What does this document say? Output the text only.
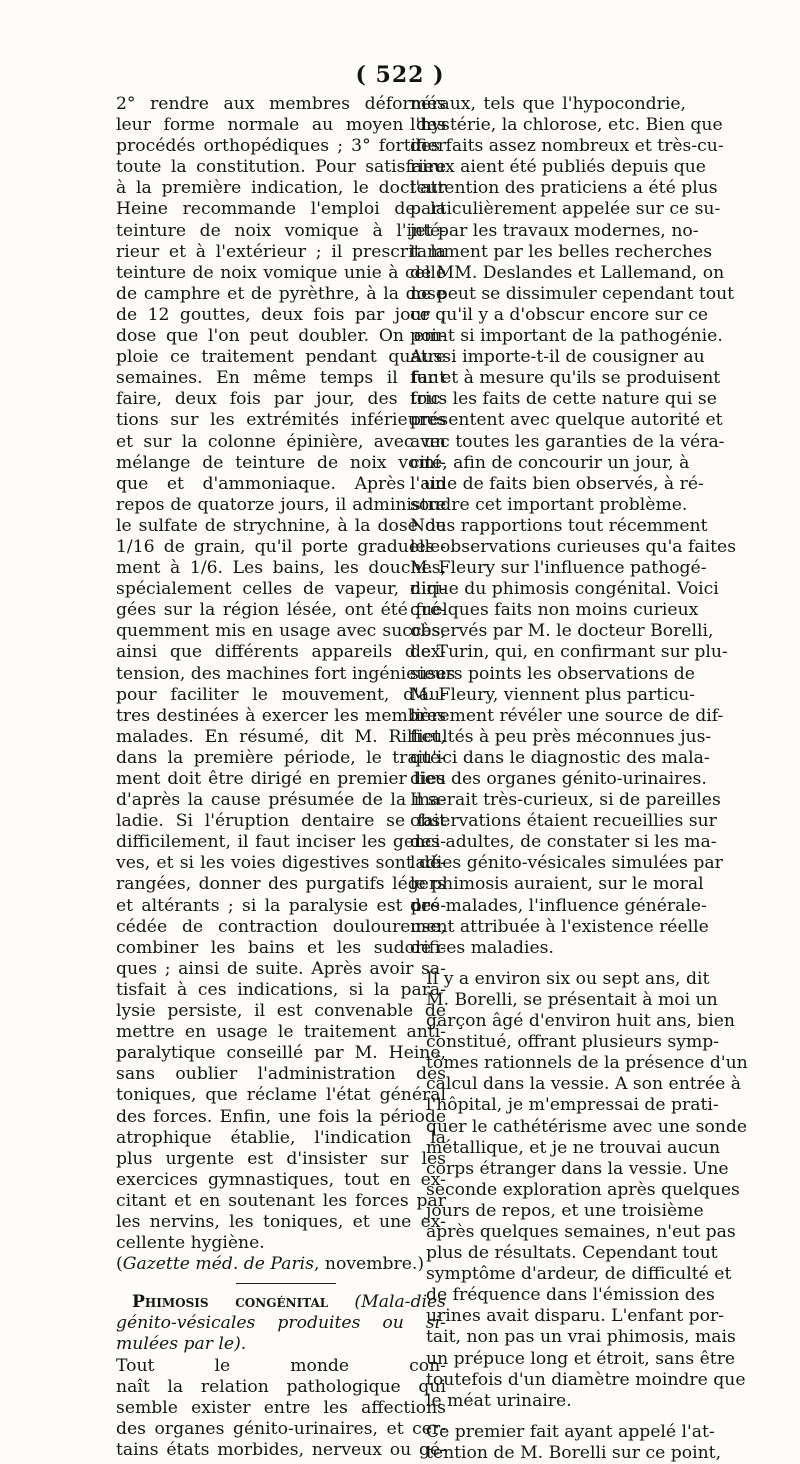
( 522 )

2° rendre aux membres déformés
leur forme normale au moyen des
procédés orthopédiques ; 3° fortifier
toute la constitution. Pour satisfaire
à la première indication, le docteur
Heine recommande l'emploi de la
teinture de noix vomique à l'inté-
rieur et à l'extérieur ; il prescrit la
teinture de noix vomique unie à celle
de camphre et de pyrèthre, à la dose
de 12 gouttes, deux fois par jour ;
dose que l'on peut doubler. On em-
ploie ce traitement pendant quatre
semaines. En même temps il faut
faire, deux fois par jour, des fric-
tions sur les extrémités inférieures
et sur la colonne épinière, avec un
mélange de teinture de noix vomi-
que et d'ammoniaque. Après un
repos de quatorze jours, il administre
le sulfate de strychnine, à la dose de
1/16 de grain, qu'il porte graduelle-
ment à 1/6. Les bains, les douches,
spécialement celles de vapeur, diri-
gées sur la région lésée, ont été fré-
quemment mis en usage avec succès,
ainsi que différents appareils d'ex-
tension, des machines fort ingénieuses
pour faciliter le mouvement, d'au-
tres destinées à exercer les membres
malades. En résumé, dit M. Rilliet,
dans la première période, le traite-
ment doit être dirigé en premier lieu
d'après la cause présumée de la ma-
ladie. Si l'éruption dentaire se fait
difficilement, il faut inciser les genci-
ves, et si les voies digestives sont dé-
rangées, donner des purgatifs légers
et altérants ; si la paralysie est pré-
cédée de contraction douloureuse,
combiner les bains et les sudorifi-
ques ; ainsi de suite. Après avoir sa-
tisfait à ces indications, si la para-
lysie persiste, il est convenable de
mettre en usage le traitement anti-
paralytique conseillé par M. Heine,
sans oublier l'administration des
toniques, que réclame l'état général
des forces. Enfin, une fois la période
atrophique établie, l'indication la
plus urgente est d'insister sur les
exercices gymnastiques, tout en ex-
citant et en soutenant les forces par
les nervins, les toniques, et une ex-
cellente hygiène.

(Gazette méd. de Paris, novembre.)

Phimosis congénital (Mala-dies génito-vésicales produites ou si-mulées par le).

Tout le monde con-
naît la relation pathologique qui
semble exister entre les affections
des organes génito-urinaires, et cer-
tains états morbides, nerveux ou gé-

néraux, tels que l'hypocondrie,
l'hystérie, la chlorose, etc. Bien que
des faits assez nombreux et très-cu-
rieux aient été publiés depuis que
l'attention des praticiens a été plus
particulièrement appelée sur ce su-
jet par les travaux modernes, no-
tamment par les belles recherches
de MM. Deslandes et Lallemand, on
ne peut se dissimuler cependant tout
ce qu'il y a d'obscur encore sur ce
point si important de la pathogénie.
Aussi importe-t-il de cousigner au
fur et à mesure qu'ils se produisent
tous les faits de cette nature qui se
présentent avec quelque autorité et
avec toutes les garanties de la véra-
cité, afin de concourir un jour, à
l'aide de faits bien observés, à ré-
soudre cet important problème.
Nous rapportions tout récemment
les observations curieuses qu'a faites
M. Fleury sur l'influence pathogé-
nique du phimosis congénital. Voici
quelques faits non moins curieux
observés par M. le docteur Borelli,
de Turin, qui, en confirmant sur plu-
sieurs points les observations de
M. Fleury, viennent plus particu-
lièrement révéler une source de dif-
ficultés à peu près méconnues jus-
qu'ici dans le diagnostic des mala-
dies des organes génito-urinaires.
Il serait très-curieux, si de pareilles
observations étaient recueillies sur
des adultes, de constater si les ma-
ladies génito-vésicales simulées par
le phimosis auraient, sur le moral
des malades, l'influence générale-
ment attribuée à l'existence réelle
de ces maladies.

Il y a environ six ou sept ans, dit
M. Borelli, se présentait à moi un
garçon âgé d'environ huit ans, bien
constitué, offrant plusieurs symp-
tômes rationnels de la présence d'un
calcul dans la vessie. A son entrée à
l'hôpital, je m'empressai de prati-
quer le cathétérisme avec une sonde
métallique, et je ne trouvai aucun
corps étranger dans la vessie. Une
seconde exploration après quelques
jours de repos, et une troisième
après quelques semaines, n'eut pas
plus de résultats. Cependant tout
symptôme d'ardeur, de difficulté et
de fréquence dans l'émission des
urines avait disparu. L'enfant por-
tait, non pas un vrai phimosis, mais
un prépuce long et étroit, sans être
toutefois d'un diamètre moindre que
le méat urinaire.

Ce premier fait ayant appelé l'at-
tention de M. Borelli sur ce point,
